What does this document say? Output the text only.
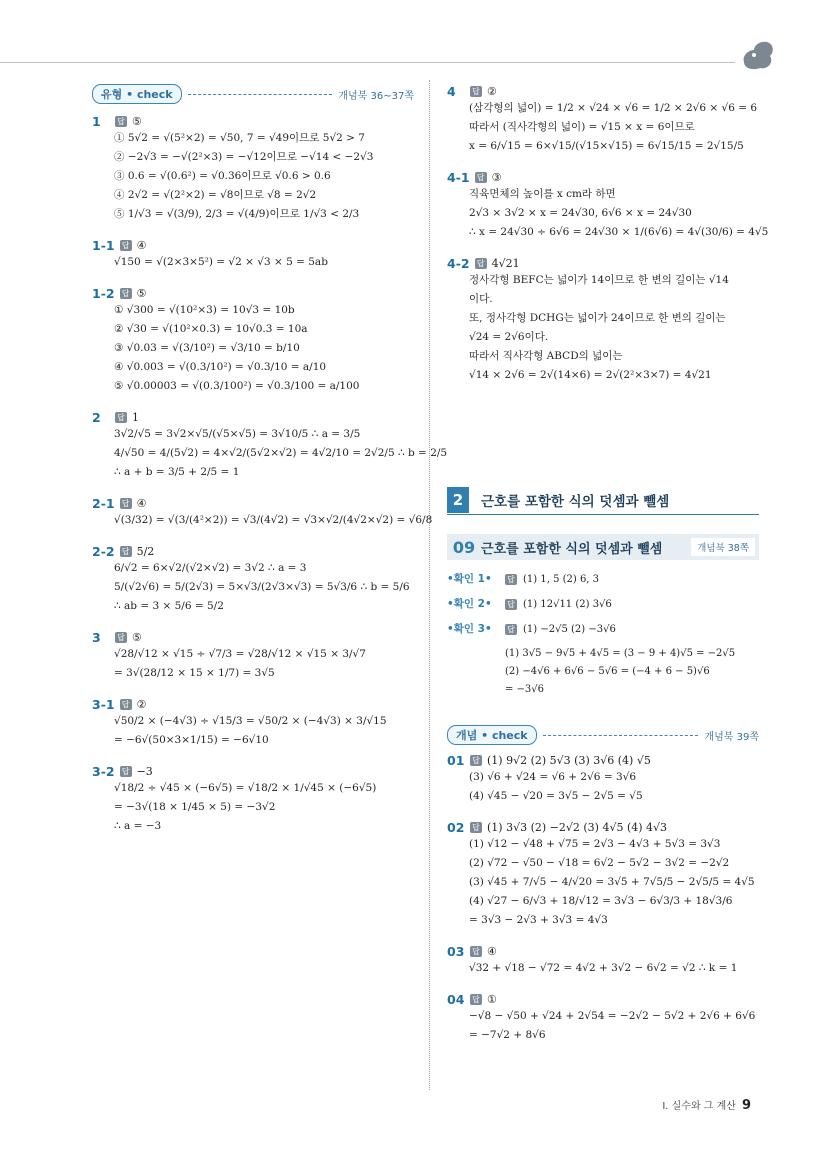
유형 • check	개념북 36~37쪽
1	답 ⑤
① 5√2 = √(5²×2) = √50, 7 = √49이므로 5√2 > 7
② −2√3 = −√(2²×3) = −√12이므로 −√14 < −2√3
③ 0.6 = √(0.6²) = √0.36이므로 √0.6 > 0.6
④ 2√2 = √(2²×2) = √8이므로 √8 = 2√2
⑤ 1/√3 = √(3/9), 2/3 = √(4/9)이므로 1/√3 < 2/3
1-1 답 ④
√150 = √(2×3×5²) = √2 × √3 × 5 = 5ab
1-2 답 ⑤
① √300 = √(10²×3) = 10√3 = 10b
② √30 = √(10²×0.3) = 10√0.3 = 10a
③ √0.03 = √(3/10²) = √3/10 = b/10
④ √0.003 = √(0.3/10²) = √0.3/10 = a/10
⑤ √0.00003 = √(0.3/100²) = √0.3/100 = a/100
2	답 1
3√2/√5 = 3√2×√5/(√5×√5) = 3√10/5 ∴ a = 3/5
4/√50 = 4/(5√2) = 4×√2/(5√2×√2) = 4√2/10 = 2√2/5 ∴ b = 2/5
∴ a + b = 3/5 + 2/5 = 1
2-1 답 ④
√(3/32) = √(3/(4²×2)) = √3/(4√2) = √3×√2/(4√2×√2) = √6/8
2-2 답 5/2
6/√2 = 6×√2/(√2×√2) = 3√2 ∴ a = 3
5/(√2√6) = 5/(2√3) = 5×√3/(2√3×√3) = 5√3/6 ∴ b = 5/6
∴ ab = 3 × 5/6 = 5/2
3	답 ⑤
√28/√12 × √15 ÷ √7/3 = √28/√12 × √15 × 3/√7
= 3√(28/12 × 15 × 1/7) = 3√5
3-1 답 ②
√50/2 × (−4√3) ÷ √15/3 = √50/2 × (−4√3) × 3/√15
= −6√(50×3×1/15) = −6√10
3-2 답 −3
√18/2 ÷ √45 × (−6√5) = √18/2 × 1/√45 × (−6√5)
= −3√(18 × 1/45 × 5) = −3√2
∴ a = −3
4	답 ②
(삼각형의 넓이) = 1/2 × √24 × √6 = 1/2 × 2√6 × √6 = 6
따라서 (직사각형의 넓이) = √15 × x = 6이므로
x = 6/√15 = 6×√15/(√15×√15) = 6√15/15 = 2√15/5
4-1 답 ③
직육면체의 높이를 x cm라 하면
2√3 × 3√2 × x = 24√30, 6√6 × x = 24√30
∴ x = 24√30 ÷ 6√6 = 24√30 × 1/(6√6) = 4√(30/6) = 4√5
4-2 답 4√21
정사각형 BEFC는 넓이가 14이므로 한 변의 길이는 √14
이다.
또, 정사각형 DCHG는 넓이가 24이므로 한 변의 길이는
√24 = 2√6이다.
따라서 직사각형 ABCD의 넓이는
√14 × 2√6 = 2√(14×6) = 2√(2²×3×7) = 4√21
2	근호를 포함한 식의 덧셈과 뺄셈
09 근호를 포함한 식의 덧셈과 뺄셈	개념북 38쪽
•확인 1•	답 (1) 1, 5 (2) 6, 3
•확인 2•	답 (1) 12√11 (2) 3√6
•확인 3•	답 (1) −2√5 (2) −3√6
(1) 3√5 − 9√5 + 4√5 = (3 − 9 + 4)√5 = −2√5
(2) −4√6 + 6√6 − 5√6 = (−4 + 6 − 5)√6
= −3√6
개념 • check	개념북 39쪽
01 답 (1) 9√2 (2) 5√3 (3) 3√6 (4) √5
(3) √6 + √24 = √6 + 2√6 = 3√6
(4) √45 − √20 = 3√5 − 2√5 = √5
02 답 (1) 3√3 (2) −2√2 (3) 4√5 (4) 4√3
(1) √12 − √48 + √75 = 2√3 − 4√3 + 5√3 = 3√3
(2) √72 − √50 − √18 = 6√2 − 5√2 − 3√2 = −2√2
(3) √45 + 7/√5 − 4/√20 = 3√5 + 7√5/5 − 2√5/5 = 4√5
(4) √27 − 6/√3 + 18/√12 = 3√3 − 6√3/3 + 18√3/6
= 3√3 − 2√3 + 3√3 = 4√3
03 답 ④
√32 + √18 − √72 = 4√2 + 3√2 − 6√2 = √2 ∴ k = 1
04 답 ①
−√8 − √50 + √24 + 2√54 = −2√2 − 5√2 + 2√6 + 6√6
= −7√2 + 8√6
I. 실수와 그 계산 9
